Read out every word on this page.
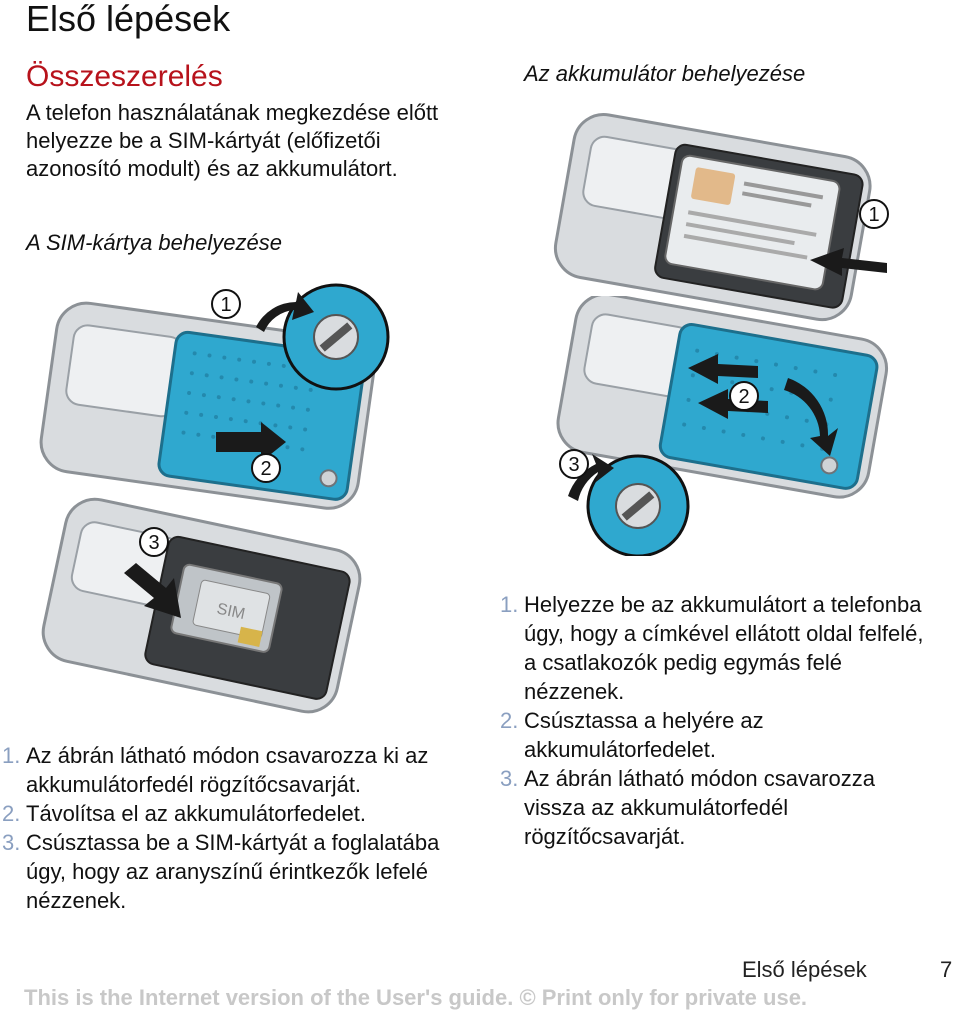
Első lépések
Összeszerelés
A telefon használatának megkezdése előtt helyezze be a SIM-kártyát (előfizetői azonosító modult) és az akkumulátort.
A SIM-kártya behelyezése
Az akkumulátor behelyezése
1
2
SIM
3
1
2
3
1. Az ábrán látható módon csavarozza ki az akkumulátorfedél rögzítőcsavarját.
2. Távolítsa el az akkumulátorfedelet.
3. Csúsztassa be a SIM-kártyát a foglalatába úgy, hogy az aranyszínű érintkezők lefelé nézzenek.
1. Helyezze be az akkumulátort a telefonba úgy, hogy a címkével ellátott oldal felfelé, a csatlakozók pedig egymás felé nézzenek.
2. Csúsztassa a helyére az akkumulátorfedelet.
3. Az ábrán látható módon csavarozza vissza az akkumulátorfedél rögzítőcsavarját.
Első lépések	7
This is the Internet version of the User's guide. © Print only for private use.
